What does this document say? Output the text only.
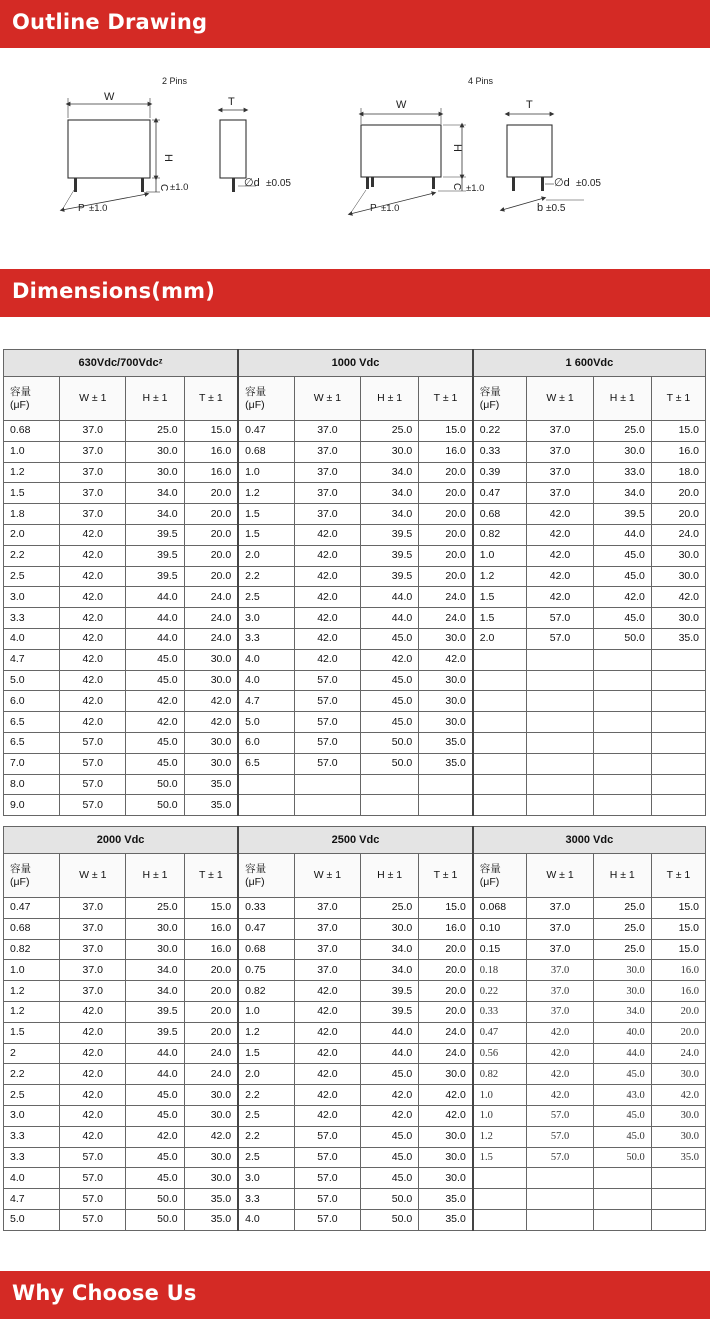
Outline Drawing
2 Pins
W
H
C ±1.0
P ±1.0
T
∅d ±0.05
4 Pins
W
H
C ±1.0
P ±1.0
T
∅d ±0.05
b ±0.5
Dimensions(mm)
630Vdc/700Vdcᶻ				1000 Vdc				1 600Vdc			

容量
(μF)	W ± 1	H ± 1	T ± 1	容量
(μF)	W ± 1	H ± 1	T ± 1	容量
(μF)	W ± 1	H ± 1	T ± 1
0.68	37.0	25.0	15.0	0.47	37.0	25.0	15.0	0.22	37.0	25.0	15.0
1.0	37.0	30.0	16.0	0.68	37.0	30.0	16.0	0.33	37.0	30.0	16.0
1.2	37.0	30.0	16.0	1.0	37.0	34.0	20.0	0.39	37.0	33.0	18.0
1.5	37.0	34.0	20.0	1.2	37.0	34.0	20.0	0.47	37.0	34.0	20.0
1.8	37.0	34.0	20.0	1.5	37.0	34.0	20.0	0.68	42.0	39.5	20.0
2.0	42.0	39.5	20.0	1.5	42.0	39.5	20.0	0.82	42.0	44.0	24.0
2.2	42.0	39.5	20.0	2.0	42.0	39.5	20.0	1.0	42.0	45.0	30.0
2.5	42.0	39.5	20.0	2.2	42.0	39.5	20.0	1.2	42.0	45.0	30.0
3.0	42.0	44.0	24.0	2.5	42.0	44.0	24.0	1.5	42.0	42.0	42.0
3.3	42.0	44.0	24.0	3.0	42.0	44.0	24.0	1.5	57.0	45.0	30.0
4.0	42.0	44.0	24.0	3.3	42.0	45.0	30.0	2.0	57.0	50.0	35.0
4.7	42.0	45.0	30.0	4.0	42.0	42.0	42.0				
5.0	42.0	45.0	30.0	4.0	57.0	45.0	30.0				
6.0	42.0	42.0	42.0	4.7	57.0	45.0	30.0				
6.5	42.0	42.0	42.0	5.0	57.0	45.0	30.0				
6.5	57.0	45.0	30.0	6.0	57.0	50.0	35.0				
7.0	57.0	45.0	30.0	6.5	57.0	50.0	35.0				
8.0	57.0	50.0	35.0								
9.0	57.0	50.0	35.0								
2000 Vdc				2500 Vdc				3000 Vdc			

容量
(μF)	W ± 1	H ± 1	T ± 1	容量
(μF)	W ± 1	H ± 1	T ± 1	容量
(μF)	W ± 1	H ± 1	T ± 1
0.47	37.0	25.0	15.0	0.33	37.0	25.0	15.0	0.068	37.0	25.0	15.0
0.68	37.0	30.0	16.0	0.47	37.0	30.0	16.0	0.10	37.0	25.0	15.0
0.82	37.0	30.0	16.0	0.68	37.0	34.0	20.0	0.15	37.0	25.0	15.0
1.0	37.0	34.0	20.0	0.75	37.0	34.0	20.0	0.18	37.0	30.0	16.0
1.2	37.0	34.0	20.0	0.82	42.0	39.5	20.0	0.22	37.0	30.0	16.0
1.2	42.0	39.5	20.0	1.0	42.0	39.5	20.0	0.33	37.0	34.0	20.0
1.5	42.0	39.5	20.0	1.2	42.0	44.0	24.0	0.47	42.0	40.0	20.0
2	42.0	44.0	24.0	1.5	42.0	44.0	24.0	0.56	42.0	44.0	24.0
2.2	42.0	44.0	24.0	2.0	42.0	45.0	30.0	0.82	42.0	45.0	30.0
2.5	42.0	45.0	30.0	2.2	42.0	42.0	42.0	1.0	42.0	43.0	42.0
3.0	42.0	45.0	30.0	2.5	42.0	42.0	42.0	1.0	57.0	45.0	30.0
3.3	42.0	42.0	42.0	2.2	57.0	45.0	30.0	1.2	57.0	45.0	30.0
3.3	57.0	45.0	30.0	2.5	57.0	45.0	30.0	1.5	57.0	50.0	35.0
4.0	57.0	45.0	30.0	3.0	57.0	45.0	30.0				
4.7	57.0	50.0	35.0	3.3	57.0	50.0	35.0				
5.0	57.0	50.0	35.0	4.0	57.0	50.0	35.0				
Why Choose Us
